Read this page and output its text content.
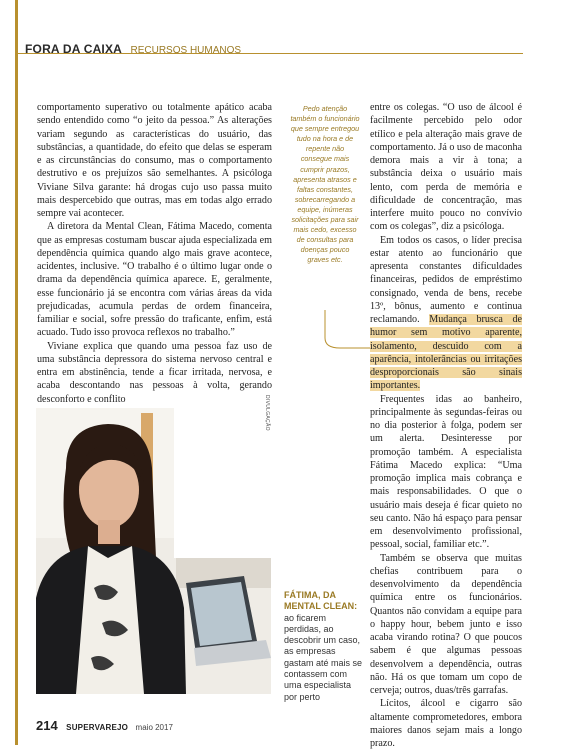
FORA DA CAIXA RECURSOS HUMANOS

comportamento superativo ou totalmente apático acaba sendo entendido como “o jeito da pessoa.” As alterações variam segundo as características do usuário, das substâncias, a quantidade, do efeito que delas se esperam e as circunstâncias do consumo, mas o comportamento destrutivo e os prejuízos são semelhantes. A psicóloga Viviane Silva garante: há drogas cujo uso passa muito mais despercebido que outras, mas em todas algo errado sempre vai acontecer.

A diretora da Mental Clean, Fátima Macedo, comenta que as empresas costumam buscar ajuda especializada em dependência química quando algo mais grave acontece, acidentes, inclusive. “O trabalho é o último lugar onde o drama da dependência química aparece. E, geralmente, esse funcionário já se encontra com várias áreas da vida prejudicadas, acumula perdas de ordem financeira, familiar e social, sofre pressão do traficante, enfim, está acuado. Tudo isso provoca reflexos no trabalho.”

Viviane explica que quando uma pessoa faz uso de uma substância depressora do sistema nervoso central e entra em abstinência, tende a ficar irritada, nervosa, e acaba descontando nas pessoas à volta, gerando desconforto e conflito

Pedo atenção também o funcionário que sempre entregou tudo na hora e de repente não consegue mais cumprir prazos, apresenta atrasos e faltas constantes, sobrecarregando a equipe, inúmeras solicitações para sair mais cedo, excesso de consultas para doenças pouco graves etc.

entre os colegas. “O uso de álcool é facilmente percebido pelo odor etílico e pela alteração mais grave de comportamento. Já o uso de maconha demora mais a vir à tona; a substância deixa o usuário mais lento, com perda de memória e dificuldade de concentração, mas interfere muito pouco no convívio com os colegas”, diz a psicóloga.

Em todos os casos, o líder precisa estar atento ao funcionário que apresenta constantes dificuldades financeiras, pedidos de empréstimo consignado, venda de bens, recebe 13º, bônus, aumento e continua reclamando. Mudança brusca de humor sem motivo aparente, isolamento, descuido com a aparência, intolerâncias ou irritações desproporcionais são sinais importantes.

Frequentes idas ao banheiro, principalmente às segundas-feiras ou no dia posterior à folga, podem ser um alerta. Desinteresse por promoção também. A especialista Fátima Macedo explica: “Uma promoção implica mais cobrança e mais responsabilidades. O que o usuário mais deseja é ficar quieto no seu canto. Não há espaço para pensar em desenvolvimento profissional, pessoal, social, familiar etc.”.

Também se observa que muitas chefias contribuem para o desenvolvimento da dependência química entre os funcionários. Quantos não convidam a equipe para o happy hour, bebem junto e isso acaba virando rotina? O que poucos sabem é que algumas pessoas desenvolvem a dependência, outras não. Há os que tomam um copo de cerveja; outros, duas/três garrafas.

Lícitos, álcool e cigarro são altamente comprometedores, embora maiores danos sejam mais a longo prazo.

DIVULGAÇÃO
FÁTIMA, DA MENTAL CLEAN: ao ficarem perdidas, ao descobrir um caso, as empresas gastam até mais se contassem com uma especialista por perto
214 SUPERVAREJO maio 2017
